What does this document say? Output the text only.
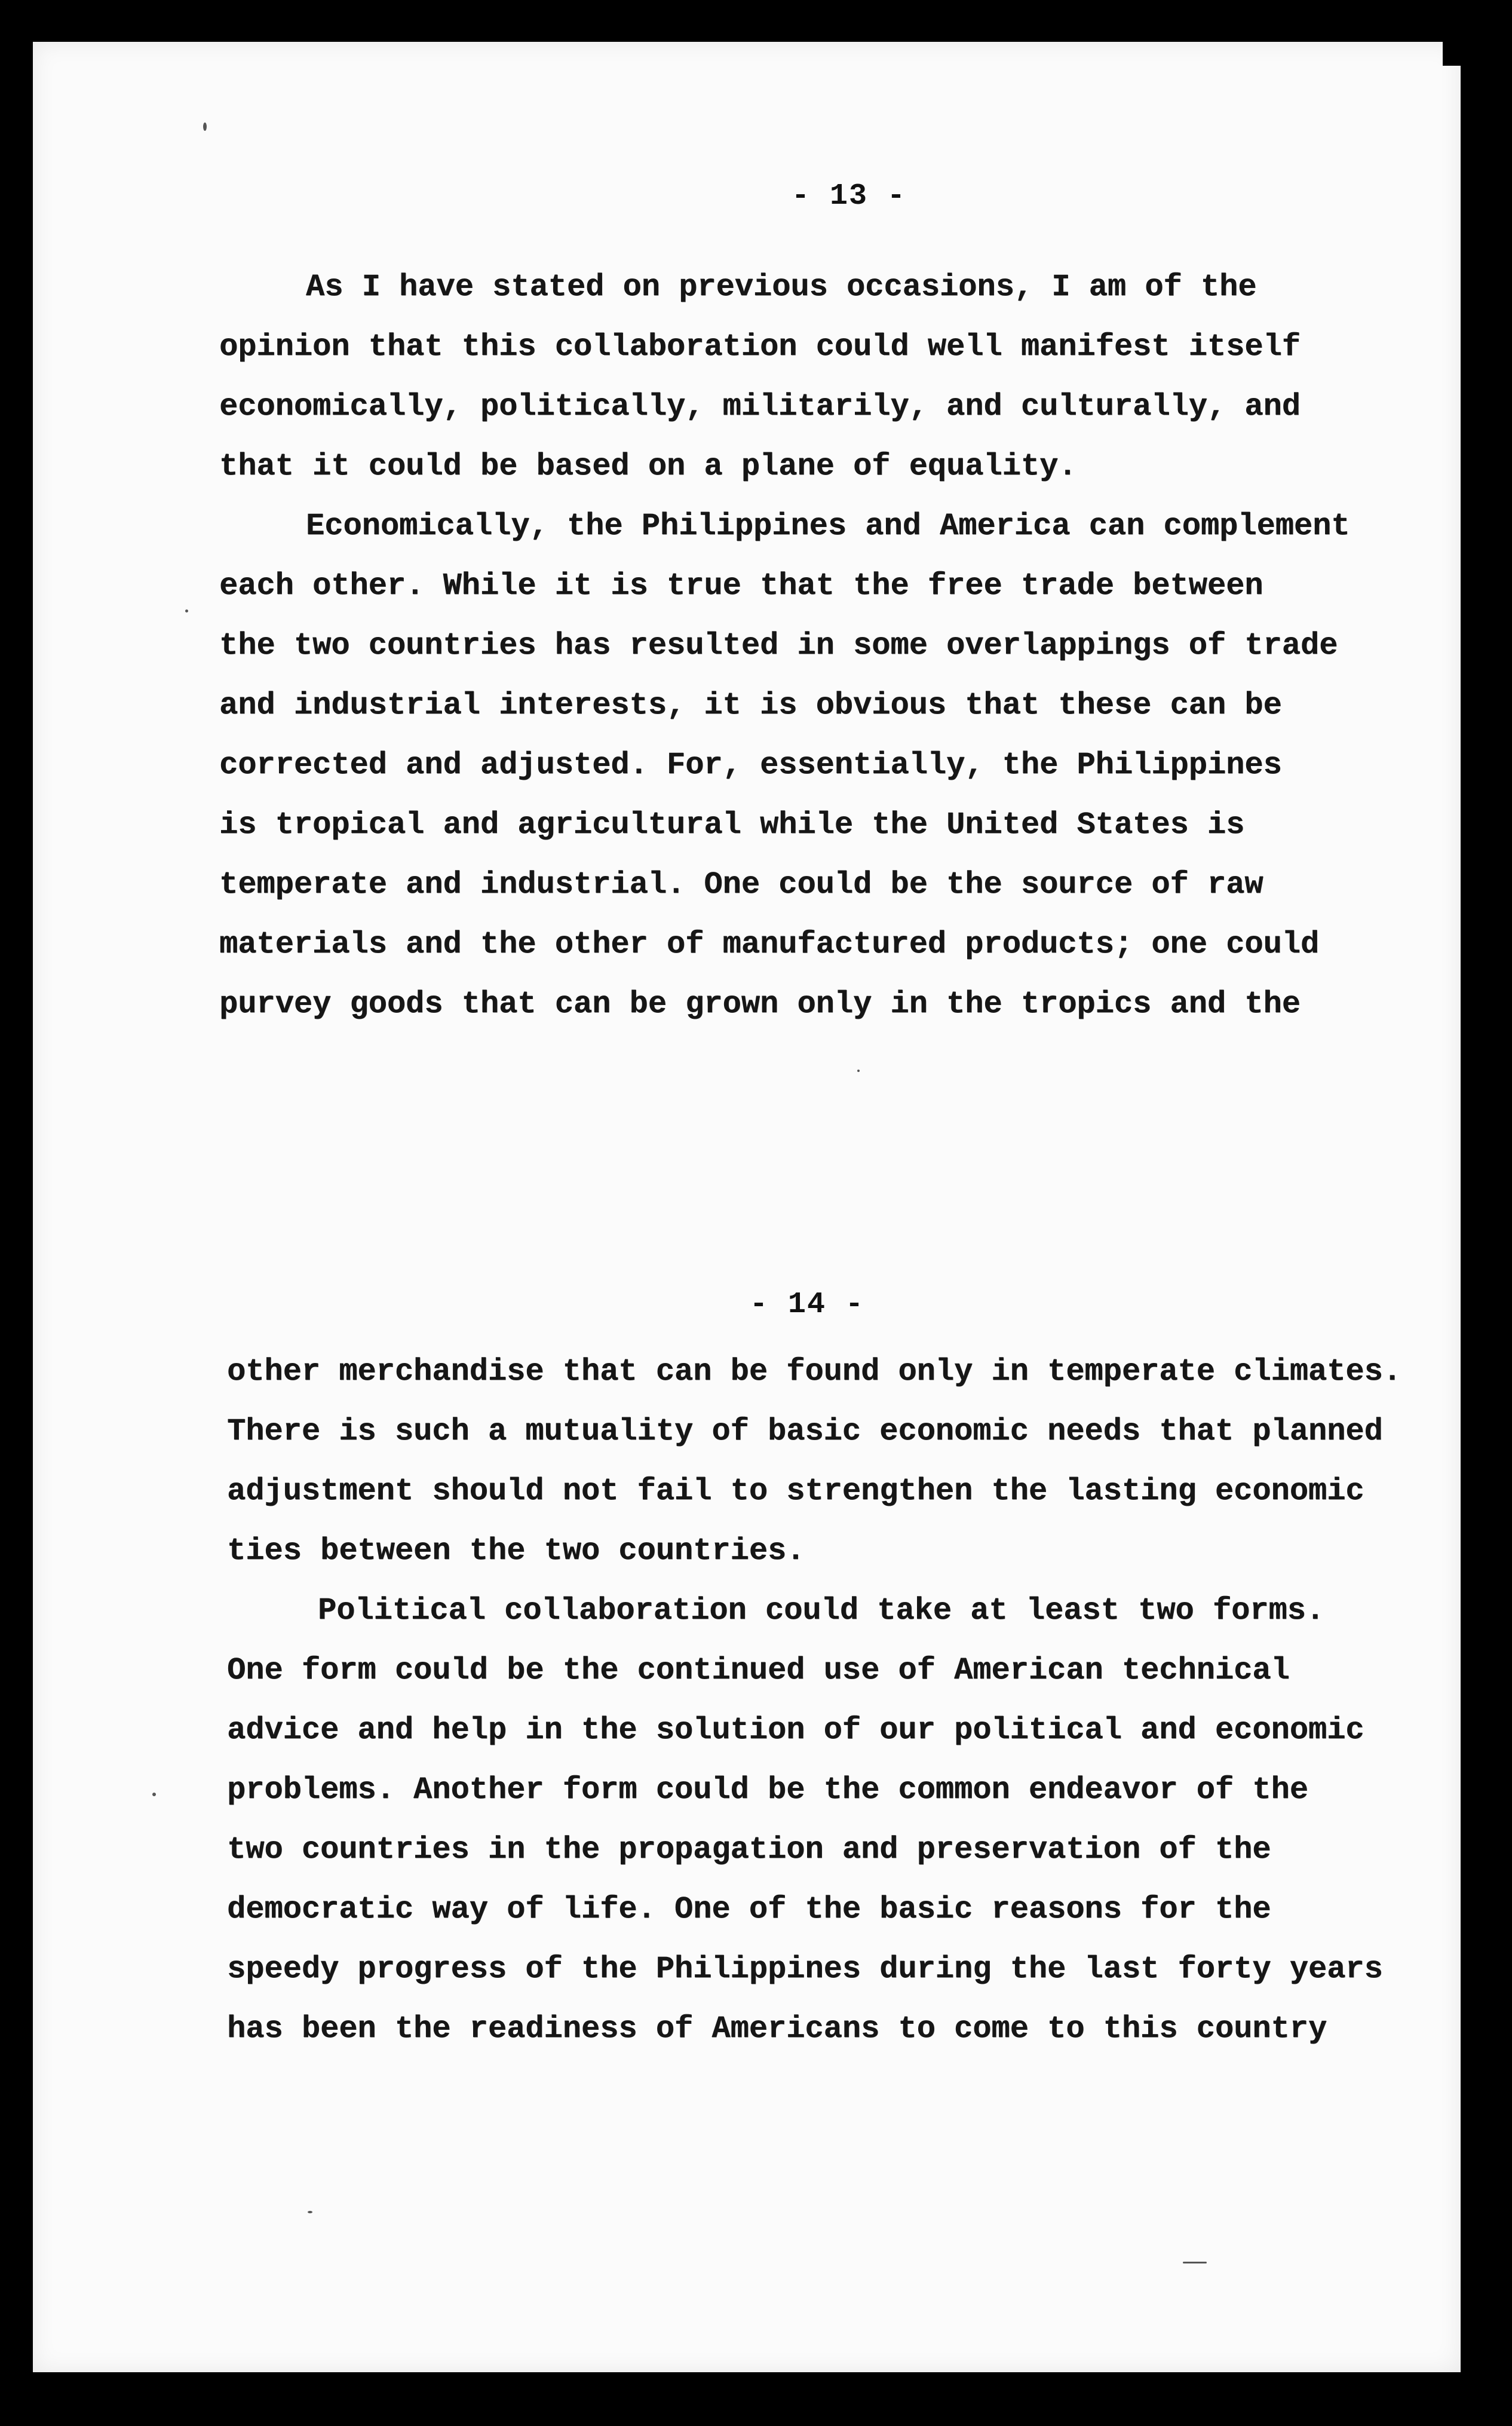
- 13 -
As I have stated on previous occasions, I am of the
opinion that this collaboration could well manifest itself
economically, politically, militarily, and culturally, and
that it could be based on a plane of equality.
Economically, the Philippines and America can complement
each other. While it is true that the free trade between
the two countries has resulted in some overlappings of trade
and industrial interests, it is obvious that these can be
corrected and adjusted. For, essentially, the Philippines
is tropical and agricultural while the United States is
temperate and industrial. One could be the source of raw
materials and the other of manufactured products; one could
purvey goods that can be grown only in the tropics and the
- 14 -
other merchandise that can be found only in temperate climates.
There is such a mutuality of basic economic needs that planned
adjustment should not fail to strengthen the lasting economic
ties between the two countries.
Political collaboration could take at least two forms.
One form could be the continued use of American technical
advice and help in the solution of our political and economic
problems. Another form could be the common endeavor of the
two countries in the propagation and preservation of the
democratic way of life. One of the basic reasons for the
speedy progress of the Philippines during the last forty years
has been the readiness of Americans to come to this country
